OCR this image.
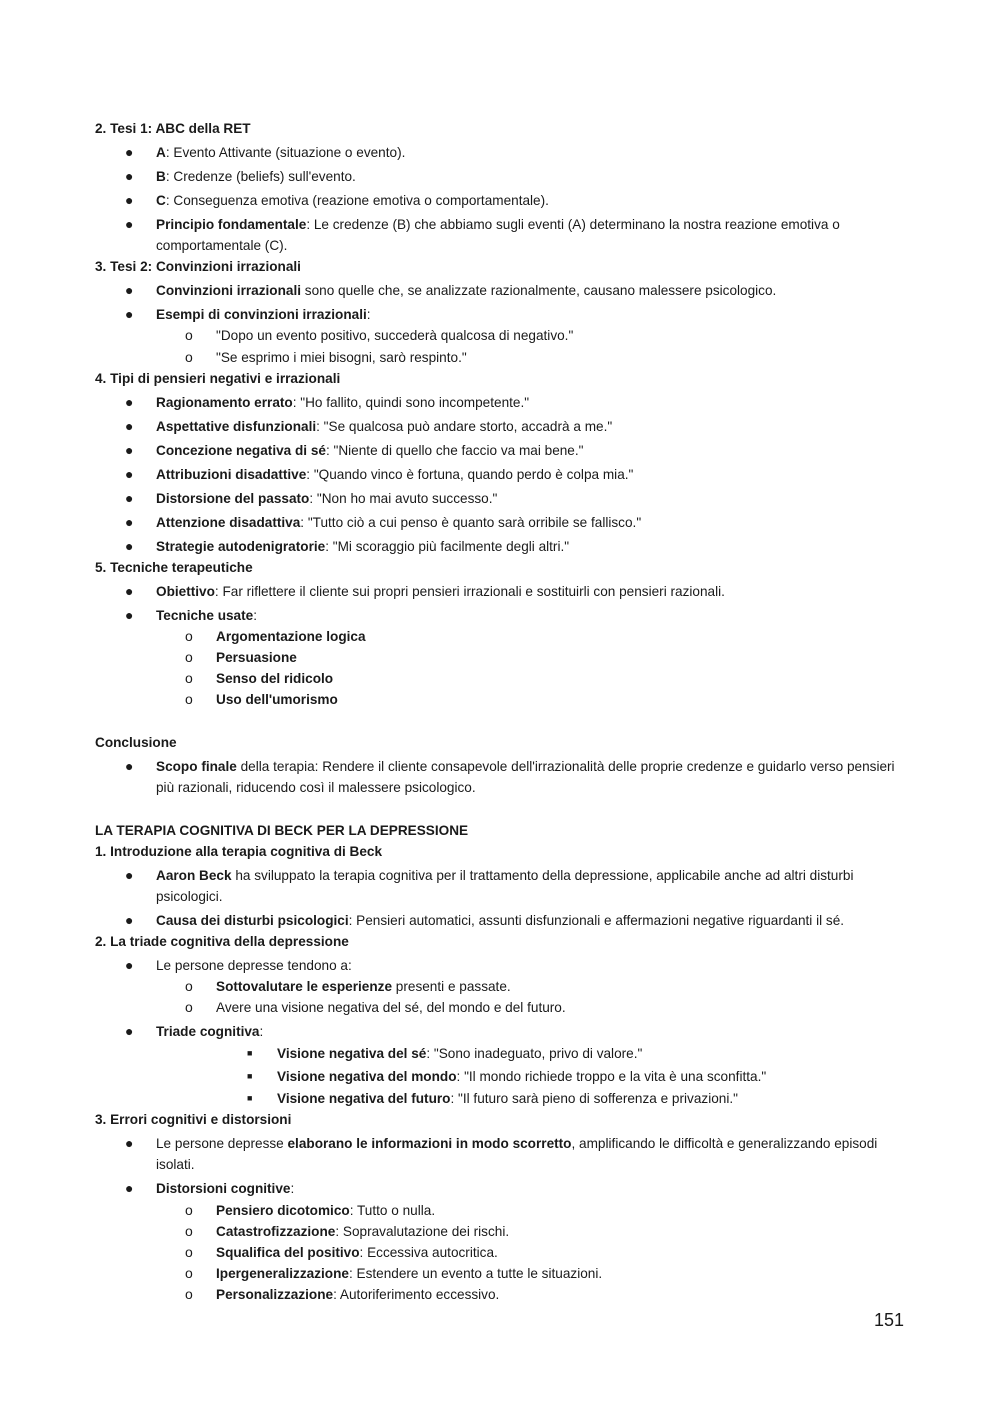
2. Tesi 1: ABC della RET
● A: Evento Attivante (situazione o evento).
● B: Credenze (beliefs) sull'evento.
● C: Conseguenza emotiva (reazione emotiva o comportamentale).
● Principio fondamentale: Le credenze (B) che abbiamo sugli eventi (A) determinano la nostra reazione emotiva o comportamentale (C).
3. Tesi 2: Convinzioni irrazionali
● Convinzioni irrazionali sono quelle che, se analizzate razionalmente, causano malessere psicologico.
● Esempi di convinzioni irrazionali:
o "Dopo un evento positivo, succederà qualcosa di negativo."
o "Se esprimo i miei bisogni, sarò respinto."
4. Tipi di pensieri negativi e irrazionali
● Ragionamento errato: "Ho fallito, quindi sono incompetente."
● Aspettative disfunzionali: "Se qualcosa può andare storto, accadrà a me."
● Concezione negativa di sé: "Niente di quello che faccio va mai bene."
● Attribuzioni disadattive: "Quando vinco è fortuna, quando perdo è colpa mia."
● Distorsione del passato: "Non ho mai avuto successo."
● Attenzione disadattiva: "Tutto ciò a cui penso è quanto sarà orribile se fallisco."
● Strategie autodenigratorie: "Mi scoraggio più facilmente degli altri."
5. Tecniche terapeutiche
● Obiettivo: Far riflettere il cliente sui propri pensieri irrazionali e sostituirli con pensieri razionali.
● Tecniche usate:
o Argomentazione logica
o Persuasione
o Senso del ridicolo
o Uso dell'umorismo
Conclusione
● Scopo finale della terapia: Rendere il cliente consapevole dell'irrazionalità delle proprie credenze e guidarlo verso pensieri più razionali, riducendo così il malessere psicologico.
LA TERAPIA COGNITIVA DI BECK PER LA DEPRESSIONE
1. Introduzione alla terapia cognitiva di Beck
● Aaron Beck ha sviluppato la terapia cognitiva per il trattamento della depressione, applicabile anche ad altri disturbi psicologici.
● Causa dei disturbi psicologici: Pensieri automatici, assunti disfunzionali e affermazioni negative riguardanti il sé.
2. La triade cognitiva della depressione
● Le persone depresse tendono a:
o Sottovalutare le esperienze presenti e passate.
o Avere una visione negativa del sé, del mondo e del futuro.
● Triade cognitiva:
■ Visione negativa del sé: "Sono inadeguato, privo di valore."
■ Visione negativa del mondo: "Il mondo richiede troppo e la vita è una sconfitta."
■ Visione negativa del futuro: "Il futuro sarà pieno di sofferenza e privazioni."
3. Errori cognitivi e distorsioni
● Le persone depresse elaborano le informazioni in modo scorretto, amplificando le difficoltà e generalizzando episodi isolati.
● Distorsioni cognitive:
o Pensiero dicotomico: Tutto o nulla.
o Catastrofizzazione: Sopravalutazione dei rischi.
o Squalifica del positivo: Eccessiva autocritica.
o Ipergeneralizzazione: Estendere un evento a tutte le situazioni.
o Personalizzazione: Autoriferimento eccessivo.
151
